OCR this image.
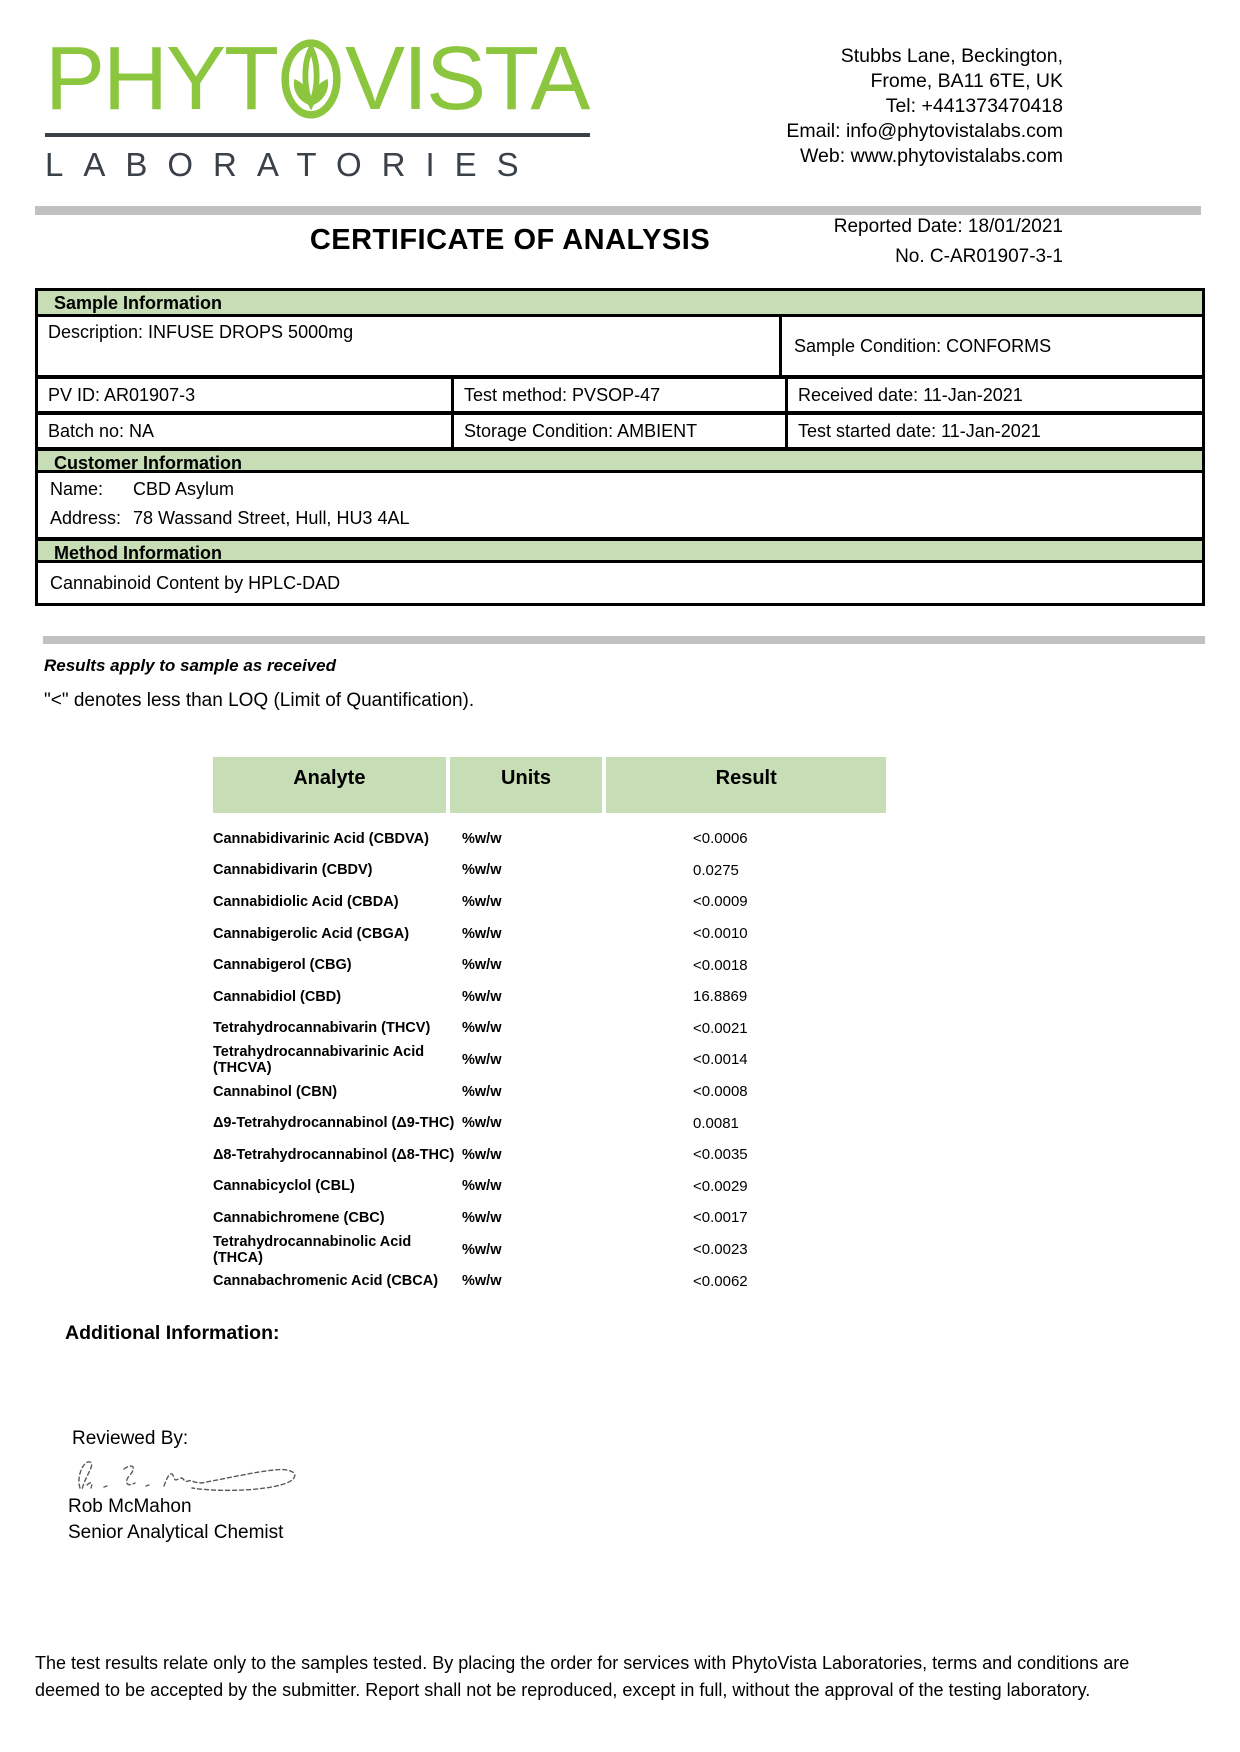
PHYT VISTA
LABORATORIES
Stubbs Lane, Beckington,
Frome, BA11 6TE, UK
Tel: +441373470418
Email: info@phytovistalabs.com
Web: www.phytovistalabs.com
CERTIFICATE OF ANALYSIS	Reported Date: 18/01/2021
No. C-AR01907-3-1
Sample Information
Description: INFUSE DROPS 5000mg
Sample Condition: CONFORMS
PV ID: AR01907-3	Test method: PVSOP-47	Received date: 11-Jan-2021
Batch no: NA	Storage Condition: AMBIENT	Test started date: 11-Jan-2021
Customer Information
Name: CBD Asylum
Address: 78 Wassand Street, Hull, HU3 4AL
Method Information
Cannabinoid Content by HPLC-DAD
Results apply to sample as received
"<" denotes less than LOQ (Limit of Quantification).
Analyte	Units	Result
Cannabidivarinic Acid (CBDVA)	%w/w	<0.0006
Cannabidivarin (CBDV)	%w/w	0.0275
Cannabidiolic Acid (CBDA)	%w/w	<0.0009
Cannabigerolic Acid (CBGA)	%w/w	<0.0010
Cannabigerol (CBG)	%w/w	<0.0018
Cannabidiol (CBD)	%w/w	16.8869
Tetrahydrocannabivarin (THCV)	%w/w	<0.0021
Tetrahydrocannabivarinic Acid (THCVA)	%w/w	<0.0014
Cannabinol (CBN)	%w/w	<0.0008
Δ9-Tetrahydrocannabinol (Δ9-THC) %w/w	0.0081
Δ8-Tetrahydrocannabinol (Δ8-THC) %w/w	<0.0035
Cannabicyclol (CBL)	%w/w	<0.0029
Cannabichromene (CBC)	%w/w	<0.0017
Tetrahydrocannabinolic Acid (THCA)	%w/w	<0.0023
Cannabachromenic Acid (CBCA)	%w/w	<0.0062
Additional Information:
Reviewed By:
Rob McMahon
Senior Analytical Chemist
The test results relate only to the samples tested. By placing the order for services with PhytoVista Laboratories, terms and conditions are
deemed to be accepted by the submitter. Report shall not be reproduced, except in full, without the approval of the testing laboratory.
